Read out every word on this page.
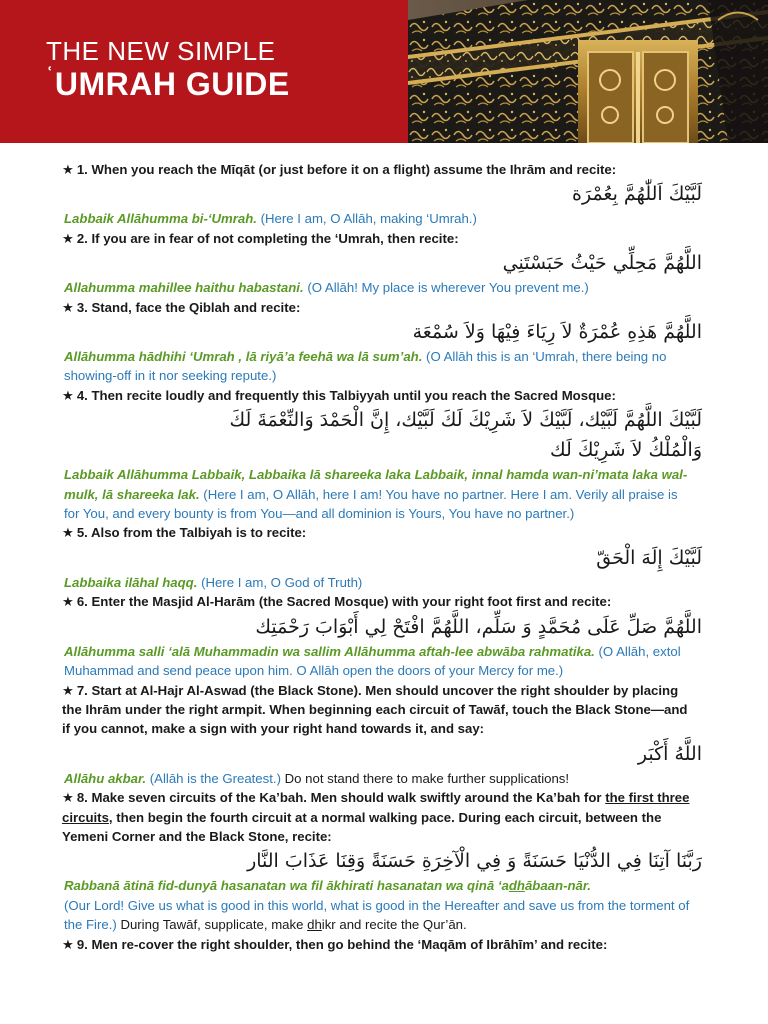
THE NEW SIMPLE
$^ʿ$UMRAH GUIDE
★ 1. When you reach the Mīqāt (or just before it on a flight) assume the Ihrām and recite:
لَبَّيْكَ اَللّٰهُمَّ بِعُمْرَة
Labbaik Allāhumma bi-‘Umrah. (Here I am, O Allāh, making ‘Umrah.)
★ 2. If you are in fear of not completing the ‘Umrah, then recite:
اللَّهُمَّ مَحِلِّي حَيْثُ حَبَسْتَنِي
Allahumma mahillee haithu habastani. (O Allāh! My place is wherever You prevent me.)
★ 3. Stand, face the Qiblah and recite:
اللَّهُمَّ هَذِهِ عُمْرَةٌ لاَ رِيَاءَ فِيْهَا وَلاَ سُمْعَة
Allāhumma hādhihi ‘Umrah , lā riyā’a feehā wa lā sum’ah. (O Allāh this is an ‘Umrah, there being no showing-off in it nor seeking repute.)
★ 4. Then recite loudly and frequently this Talbiyyah until you reach the Sacred Mosque:
لَبَّيْكَ اللَّهُمَّ لَبَّيْك، لَبَّيْكَ لاَ شَرِيْكَ لَكَ لَبَّيْك، إِنَّ الْحَمْدَ وَالنِّعْمَةَ لَكَ
وَالْمُلْكُ لاَ شَرِيْكَ لَك
Labbaik Allāhumma Labbaik, Labbaika lā shareeka laka Labbaik, innal hamda wan-ni’mata laka wal-mulk, lā shareeka lak. (Here I am, O Allāh, here I am! You have no partner. Here I am. Verily all praise is for You, and every bounty is from You—and all dominion is Yours, You have no partner.)
★ 5. Also from the Talbiyah is to recite:
لَبَّيْكَ إِلَهَ الْحَقّ
Labbaika ilāhal haqq. (Here I am, O God of Truth)
★ 6. Enter the Masjid Al-Harām (the Sacred Mosque) with your right foot first and recite:
اللَّهُمَّ صَلِّ عَلَى مُحَمَّدٍ وَ سَلِّم، اللَّهُمَّ افْتَحْ لِي أَبْوَابَ رَحْمَتِك
Allāhumma salli ‘alā Muhammadin wa sallim Allāhumma aftah-lee abwāba rahmatika. (O Allāh, extol Muhammad and send peace upon him. O Allāh open the doors of your Mercy for me.)
★ 7. Start at Al-Hajr Al-Aswad (the Black Stone). Men should uncover the right shoulder by placing the Ihrām under the right armpit. When beginning each circuit of Tawāf, touch the Black Stone—and if you cannot, make a sign with your right hand towards it, and say:
اللَّهُ أَكْبَر
Allāhu akbar. (Allāh is the Greatest.) Do not stand there to make further supplications!
★ 8. Make seven circuits of the Ka’bah. Men should walk swiftly around the Ka’bah for the first three circuits, then begin the fourth circuit at a normal walking pace. During each circuit, between the Yemeni Corner and the Black Stone, recite:
رَبَّنَا آتِنَا فِي الدُّنْيَا حَسَنَةً وَ فِي الْآخِرَةِ حَسَنَةً وَقِنَا عَذَابَ النَّار
Rabbanā ātinā fid-dunyā hasanatan wa fil ākhirati hasanatan wa qinā ‘adhābaan-nār.
(Our Lord! Give us what is good in this world, what is good in the Hereafter and save us from the torment of the Fire.) During Tawāf, supplicate, make dhikr and recite the Qur’ān.
★ 9. Men re-cover the right shoulder, then go behind the ‘Maqām of Ibrāhīm’ and recite:
